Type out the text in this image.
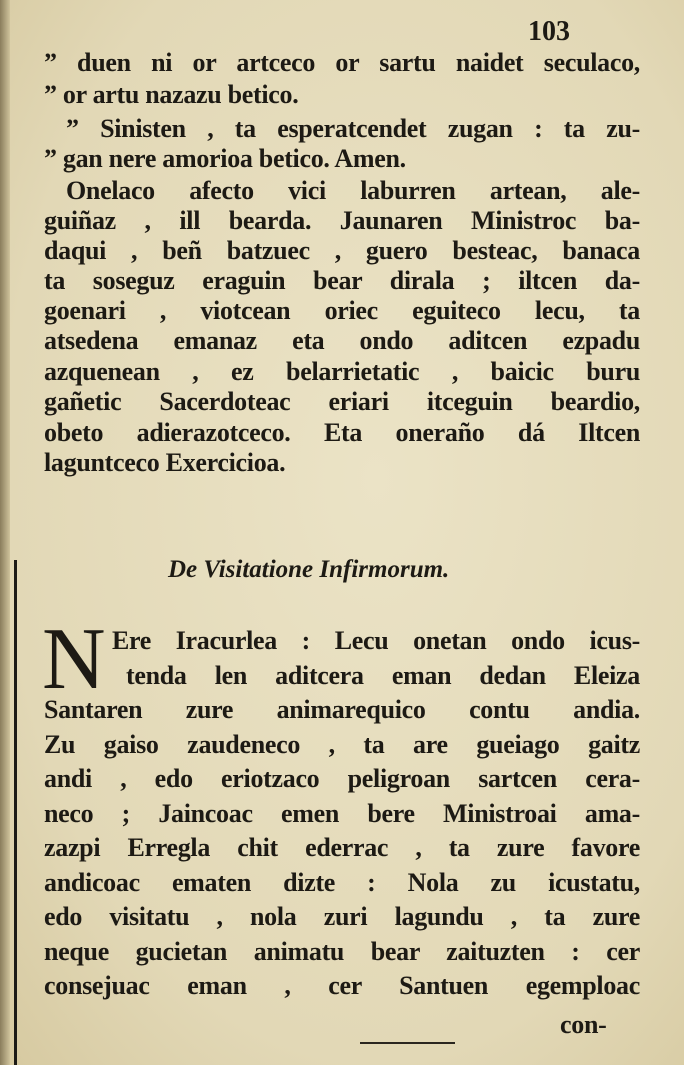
103
” duen ni or artceco or sartu naidet seculaco,
” or artu nazazu betico.
” Sinisten , ta esperatcendet zugan : ta zu-
” gan nere amorioa betico. Amen.
Onelaco afecto vici laburren artean, ale-
guiñaz , ill bearda. Jaunaren Ministroc ba-
daqui , beñ batzuec , guero besteac, banaca
ta soseguz eraguin bear dirala ; iltcen da-
goenari , viotcean oriec eguiteco lecu, ta
atsedena emanaz eta ondo aditcen ezpadu
azquenean , ez belarrietatic , baicic buru
gañetic Sacerdoteac eriari itceguin beardio,
obeto adierazotceco. Eta oneraño dá Iltcen
laguntceco Exercicioa.
De Visitatione Infirmorum.
N Ere Iracurlea : Lecu onetan ondo icus-
tenda len aditcera eman dedan Eleiza
Santaren zure animarequico contu andia.
Zu gaiso zaudeneco , ta are gueiago gaitz
andi , edo eriotzaco peligroan sartcen cera-
neco ; Jaincoac emen bere Ministroai ama-
zazpi Erregla chit ederrac , ta zure favore
andicoac ematen dizte : Nola zu icustatu,
edo visitatu , nola zuri lagundu , ta zure
neque gucietan animatu bear zaituzten : cer
consejuac eman , cer Santuen egemploac
con-
